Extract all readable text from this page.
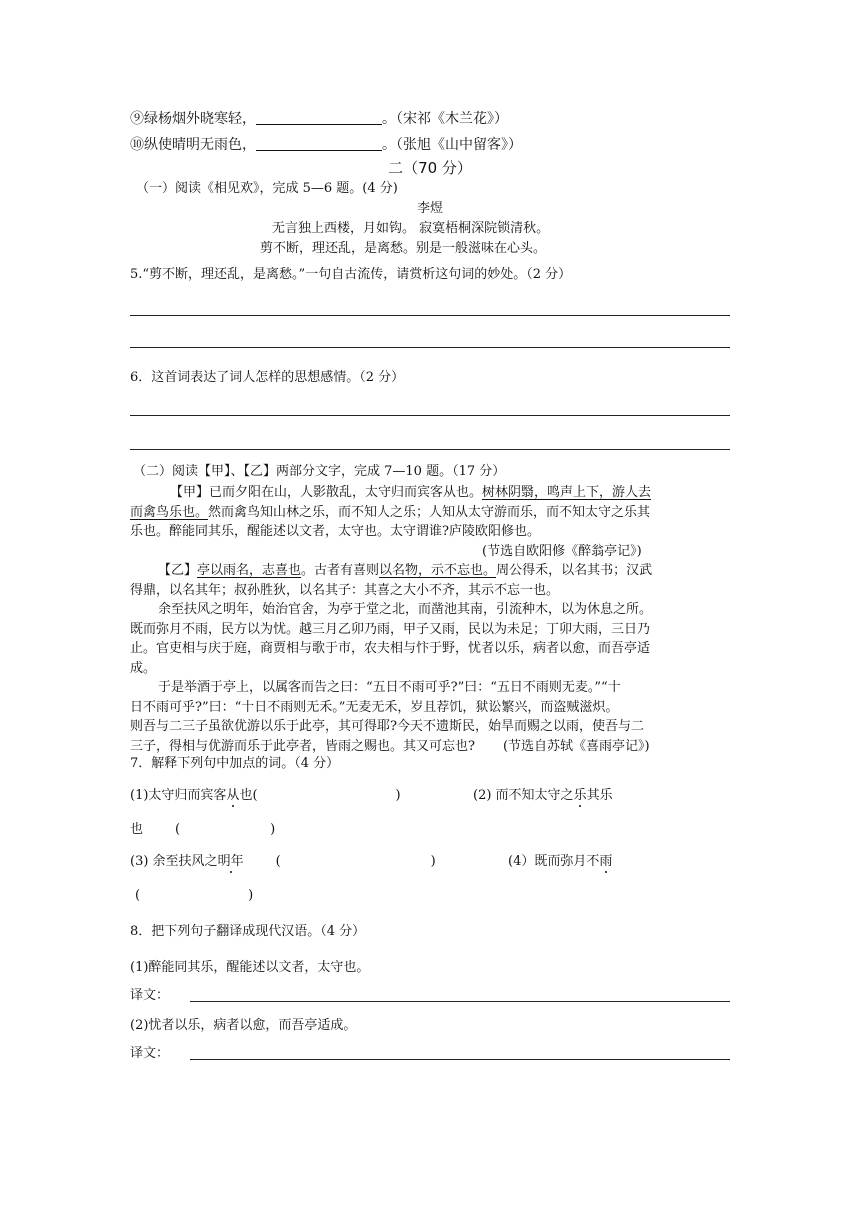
⑨绿杨烟外晓寒轻，	。（宋祁《木兰花》）
⑩纵使晴明无雨色，	。（张旭《山中留客》）
二（70 分）
（一）阅读《相见欢》，完成 5—6 题。(4 分)
李煜
无言独上西楼，月如钩。 寂寞梧桐深院锁清秋。
剪不断，理还乱，是离愁。别是一般滋味在心头。
5.“剪不断，理还乱，是离愁。”一句自古流传，请赏析这句词的妙处。（2 分）
6．这首词表达了词人怎样的思想感情。（2 分）
（二）阅读【甲】、【乙】两部分文字，完成 7—10 题。（17 分）
【甲】已而夕阳在山，人影散乱，太守归而宾客从也。树林阴翳，鸣声上下，游人去
而禽鸟乐也。然而禽鸟知山林之乐，而不知人之乐；人知从太守游而乐，而不知太守之乐其
乐也。醉能同其乐，醒能述以文者，太守也。太守谓谁?庐陵欧阳修也。
(节选自欧阳修《醉翁亭记》)
【乙】亭以雨名，志喜也。古者有喜则以名物，示不忘也。周公得禾，以名其书；汉武
得鼎，以名其年；叔孙胜狄，以名其子：其喜之大小不齐，其示不忘一也。
余至扶风之明年，始治官舍，为亭于堂之北，而凿池其南，引流种木，以为休息之所。
既而弥月不雨，民方以为忧。越三月乙卯乃雨，甲子又雨，民以为未足；丁卯大雨，三日乃
止。官吏相与庆于庭，商贾相与歌于市，农夫相与忭于野，忧者以乐，病者以愈，而吾亭适
成。
于是举酒于亭上，以属客而告之曰：“五日不雨可乎?”曰：“五日不雨则无麦。”“十
日不雨可乎?”曰：“十日不雨则无禾。”无麦无禾，岁且荐饥，狱讼繁兴，而盗贼滋炽。
则吾与二三子虽欲优游以乐于此亭，其可得耶?今天不遗斯民，始旱而赐之以雨，使吾与二
三子，得相与优游而乐于此亭者，皆雨之赐也。其又可忘也? (节选自苏轼《喜雨亭记》)
7．解释下列句中加点的词。（4 分）
(1)太守归而宾客从也(	)	(2) 而不知太守之乐其乐
也 (	)
(3) 余至扶风之明年 (	)	(4）既而弥月不雨
(	)
8．把下列句子翻译成现代汉语。（4 分）
(1)醉能同其乐，醒能述以文者，太守也。
译文：
(2)忧者以乐，病者以愈，而吾亭适成。
译文：
